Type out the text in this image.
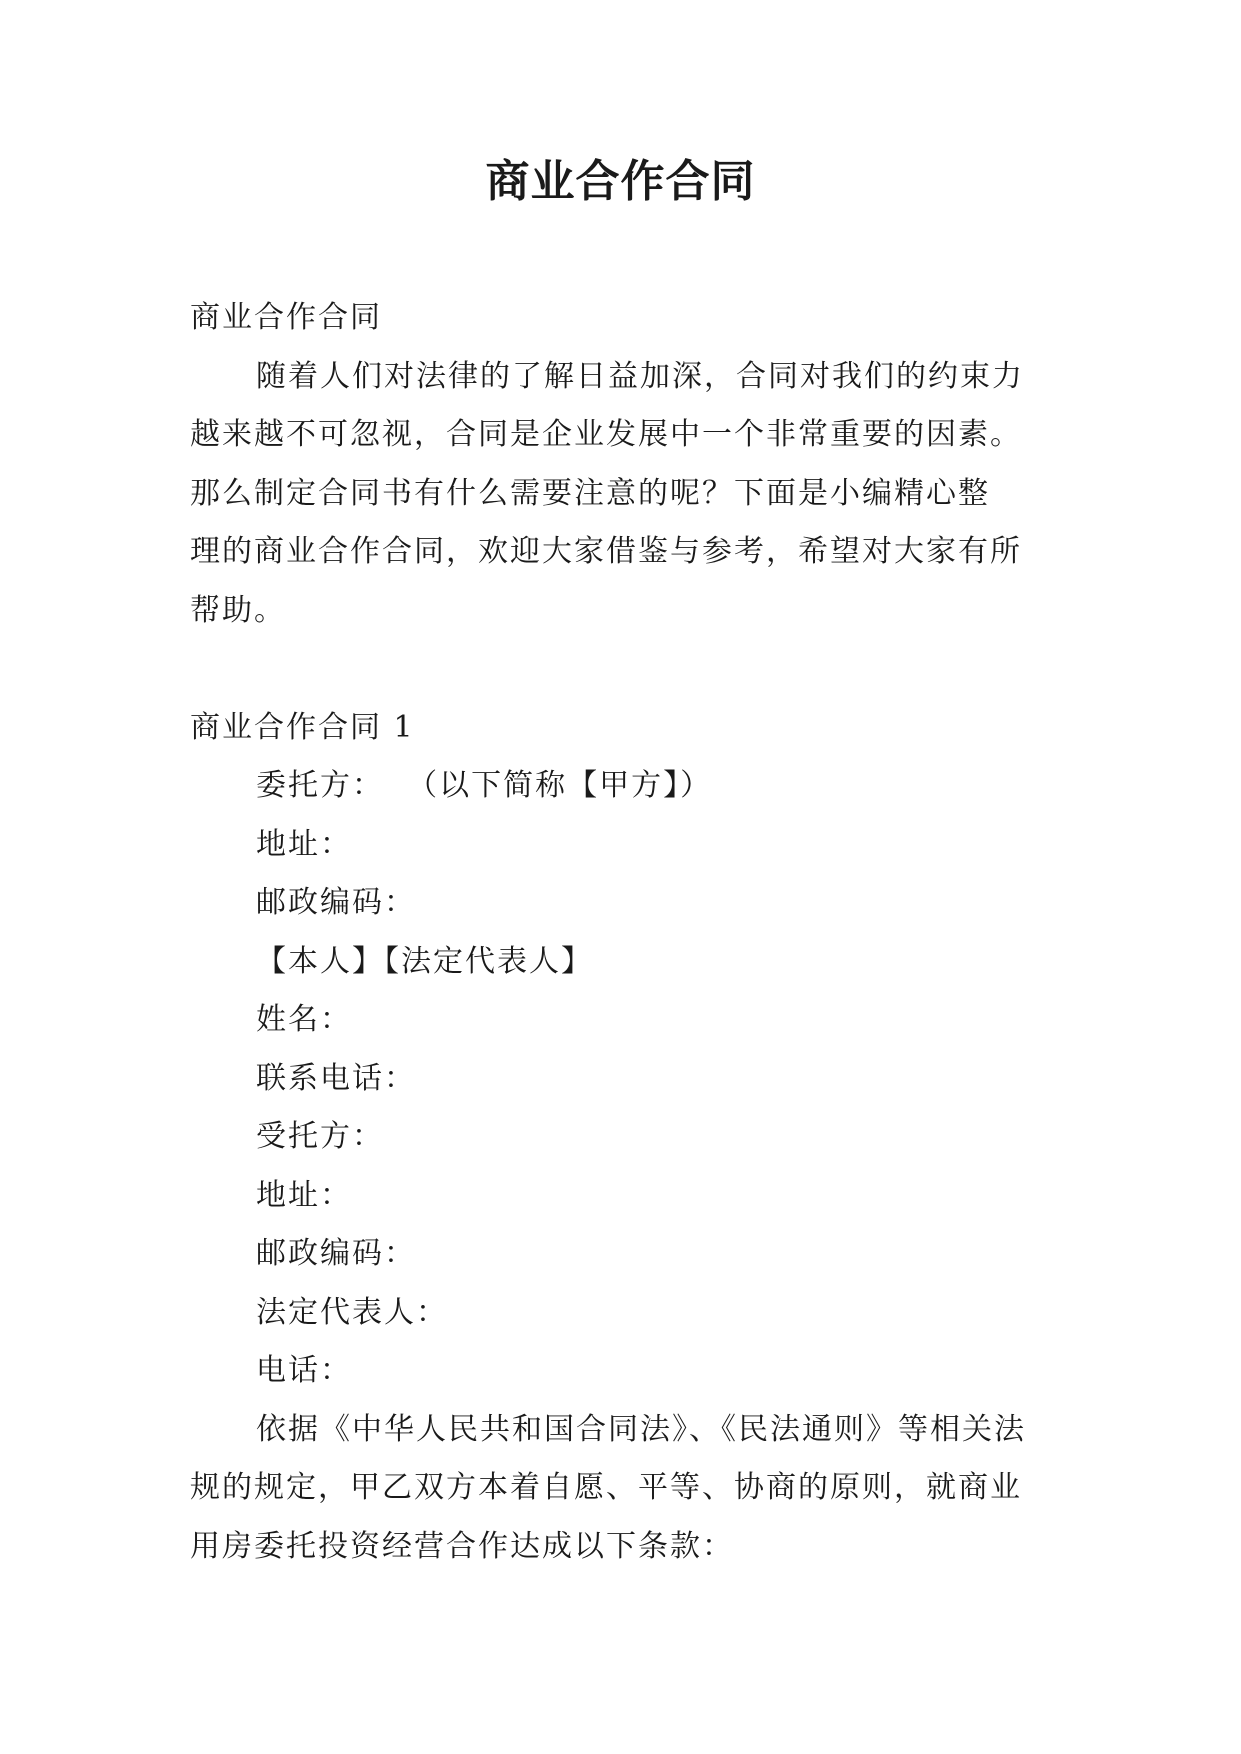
商业合作合同
商业合作合同
随着人们对法律的了解日益加深，合同对我们的约束力
越来越不可忽视，合同是企业发展中一个非常重要的因素。
那么制定合同书有什么需要注意的呢？下面是小编精心整
理的商业合作合同，欢迎大家借鉴与参考，希望对大家有所
帮助。
商业合作合同 1
委托方：  （以下简称【甲方】）
地址：
邮政编码：
【本人】【法定代表人】
姓名：
联系电话：
受托方：
地址：
邮政编码：
法定代表人：
电话：
依据《中华人民共和国合同法》、《民法通则》等相关法
规的规定，甲乙双方本着自愿、平等、协商的原则，就商业
用房委托投资经营合作达成以下条款：
